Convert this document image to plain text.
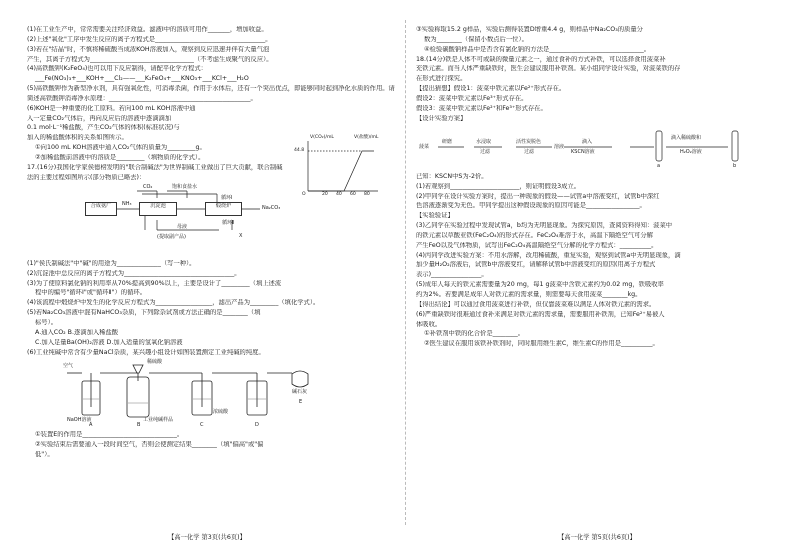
(1)在工业生产中，常常需要关注经济效益。滤液Ⅰ中的溶质可用作_______，增加收益。
(2)上述"氧化"工序中发生反应的离子方程式是___________________________________。
(3)若在"结晶"时，不慎将稀硫酸当成浓KOH溶液加入，观察到反应迅速并伴有大量气泡
产生，其离子方程式为_________________________________（不考虑生成聚气的反应）。
(4)高铁酸钾(K₂FeO₄)也可以用下反应制得，请配平化学方程式：
___Fe(NO₃)₃+___KOH+___Cl₂——___K₂FeO₄+___KNO₃+___KCl+___H₂O
(5)高铁酸钾作为新型净水剂，具有强氧化性，可消毒杀菌，作用于水体后，还有一个突出优点，即能够同时起到净化水质的作用。请
简述高铁酸钾消毒净水原理：_____________________________________________。
(6)KOH是一种重要的化工原料。若向100 mL KOH溶液中通
入一定量CO₂气体后，再向反应后的溶液中逐滴滴加
0.1 mol·L⁻¹稀盐酸，产生CO₂气体的体积(标准状况)与
加入的稀盐酸体积的关系如图所示。
①向100 mL KOH溶液中通入CO₂气体的质量为_________g。
②加稀盐酸前溶液中的溶质是_________（填物质的化学式）。
17.(16分)我国化学家侯德榜发明的"联合制碱法"为世界制碱工业做出了巨大贡献，联合制碱
法的主要过程如图所示(部分物质已略去)：
合成氨厂	沉淀池	煅烧炉	Na₂CO₃
CO₂	饱和食盐水
NH₃
循环Ⅰ
母液
(提取副产品)
循环Ⅱ
X
(1)"侯氏制碱法"中"碱"的用途为______________（写一种）。
(2)沉淀池中总反应的离子方程式为___________________________________。
(3)为了使原料氯化钠的利用率从70%提高到90%以上，主要是设计了_________（填上述流
程中的编号"循环Ⅰ"或"循环Ⅱ"）的循环。
(4)该流程中煅烧炉中发生的化学反应方程式为__________________，滤出产品为_________（填化学式）。
(5)若Na₂CO₃溶液中混有NaHCO₃杂质，下列除杂试剂或方法正确的是________（填
标号）。
A.通入CO₂ B.逐滴加入稀盐酸
C.加入足量Ba(OH)₂溶液 D.加入适量的氢氧化钠溶液
(6)工业纯碱中常含有少量NaCl杂质，某兴趣小组设计如图装置测定工业纯碱的纯度。
空气
稀硫酸
碱石灰
NaOH溶液
浓硫酸
工业纯碱样品
A	B	C	D
E
①装置E的作用是______________________________。
②实验结束后需要通入一段时间空气，否则会使测定结果________（填"偏高"或"偏
低"）。
V(CO₂)/mL
44.8
O	20 40 60 80
V(盐酸)/mL
③实验称取15.2 g样品，实验后测得装置D增重4.4 g，则样品中Na₂CO₃的质量分
数为________（保留小数点后一位）。
④检验碳酸钠样品中是否含有氯化钠的方法是______________________________。
18.(14分)铁是人体不可或缺的微量元素之一，通过食补的方式补铁，可以选择食用菠菜补
充铁元素。而当人体严重缺铁时，医生会建议服用补铁剂。某小组同学设计实验，对菠菜铁的存
在形式进行探究。
【提出猜想】假设1：菠菜中铁元素以Fe²⁺形式存在。
假设2：菠菜中铁元素以Fe³⁺形式存在。
假设3：菠菜中铁元素以Fe²⁺和Fe³⁺形式存在。
【设计实验方案】
菠菜
研磨	水浸取
过滤
活性炭脱色
过滤
溶液
滴入
KSCN溶液
滴入稀硫酸和
H₂O₂溶液
a	b
已知：KSCN中S为-2价。
(1)若观察到______________________，则证明假设3成立。
(2)甲同学在设计实验方案时，提出一种现象的假设——试管a中溶液变红，试管b中深红
色溶液逐渐变为无色。甲同学提出这种假设现象的原因可能是_________________。
【实验验证】
(3)乙同学在实验过程中发现试管a，b均为无明显现象。为探究原因，查阅资料得知：菠菜中
的铁元素以草酸亚铁(FeC₂O₄)的形式存在。FeC₂O₄难溶于水，高温下隔绝空气可分解
产生FeO以及气体物质，试写出FeC₂O₄高温隔绝空气分解的化学方程式：__________。
(4)丙同学改进实验方案：不用水溶解，改用稀硫酸，重复实验，观察到试管a中无明显现象，滴
加少量H₂O₂溶液后，试管b中溶液变红，请解释试管b中溶液变红的原因(用离子方程式
表示)________________。
(5)成年人每天的铁元素需要量为20 mg，每1 g菠菜中含铁元素约为0.02 mg，铁吸收率
约为2%。若要满足成年人对铁元素的需求量，则需要每天食用菠菜________kg。
【得出结论】可以通过食用菠菜进行补铁，但仅靠菠菜难以满足人体对铁元素的需求。
(6)严重缺铁时很难通过食补来满足对铁元素的需求量，需要服用补铁剂，已知Fe²⁺易被人
体吸收。
①补铁剂中铁的化合价是________。
②医生建议在服用该铁补铁剂时，同时服用维生素C，维生素C的作用是__________。
【高一化学 第3页(共6页)】	【高一化学 第5页(共6页)】
